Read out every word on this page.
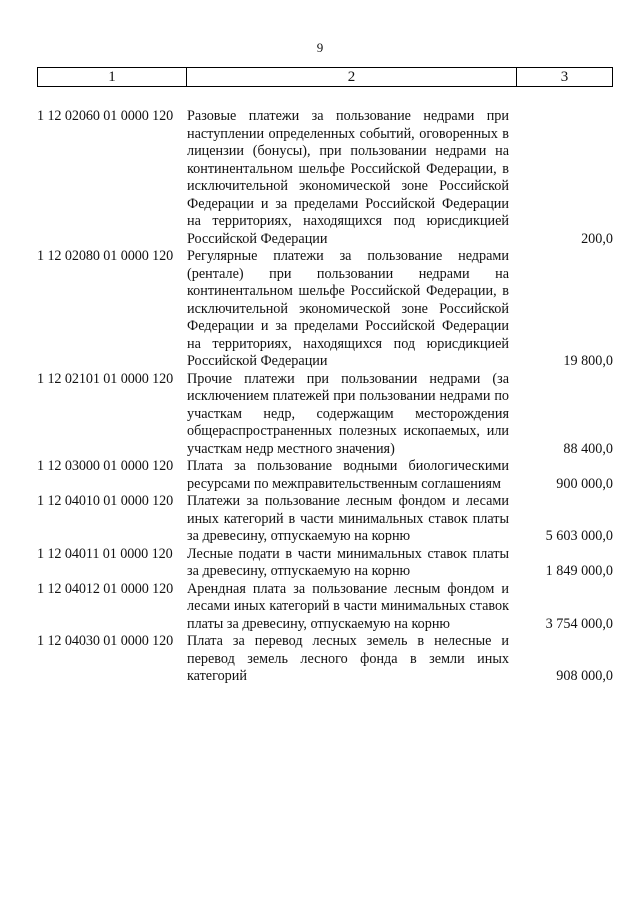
9
1	2	3
1 12 02060 01 0000 120 Разовые платежи за пользование недрами при наступлении определенных событий, оговоренных в лицензии (бонусы), при пользовании недрами на континентальном шельфе Российской Федерации, в исключительной экономической зоне Российской Федерации и за пределами Российской Федерации на территориях, находящихся под юрисдикцией Российской Федерации	200,0
1 12 02080 01 0000 120 Регулярные платежи за пользование недрами (рентале) при пользовании недрами на континентальном шельфе Российской Федерации, в исключительной экономической зоне Российской Федерации и за пределами Российской Федерации на территориях, находящихся под юрисдикцией Российской Федерации	19 800,0
1 12 02101 01 0000 120 Прочие платежи при пользовании недрами (за исключением платежей при пользовании недрами по участкам недр, содержащим месторождения общераспространенных полезных ископаемых, или участкам недр местного значения)	88 400,0
1 12 03000 01 0000 120 Плата за пользование водными биологическими ресурсами по межправительственным соглашениям	900 000,0
1 12 04010 01 0000 120 Платежи за пользование лесным фондом и лесами иных категорий в части минимальных ставок платы за древесину, отпускаемую на корню	5 603 000,0
1 12 04011 01 0000 120	Лесные подати в части минимальных ставок платы за древесину, отпускаемую на корню	1 849 000,0
1 12 04012 01 0000 120 Арендная плата за пользование лесным фондом и лесами иных категорий в части минимальных ставок платы за древесину, отпускаемую на корню	3 754 000,0
1 12 04030 01 0000 120 Плата за перевод лесных земель в нелесные и перевод земель лесного фонда в земли иных категорий	908 000,0
